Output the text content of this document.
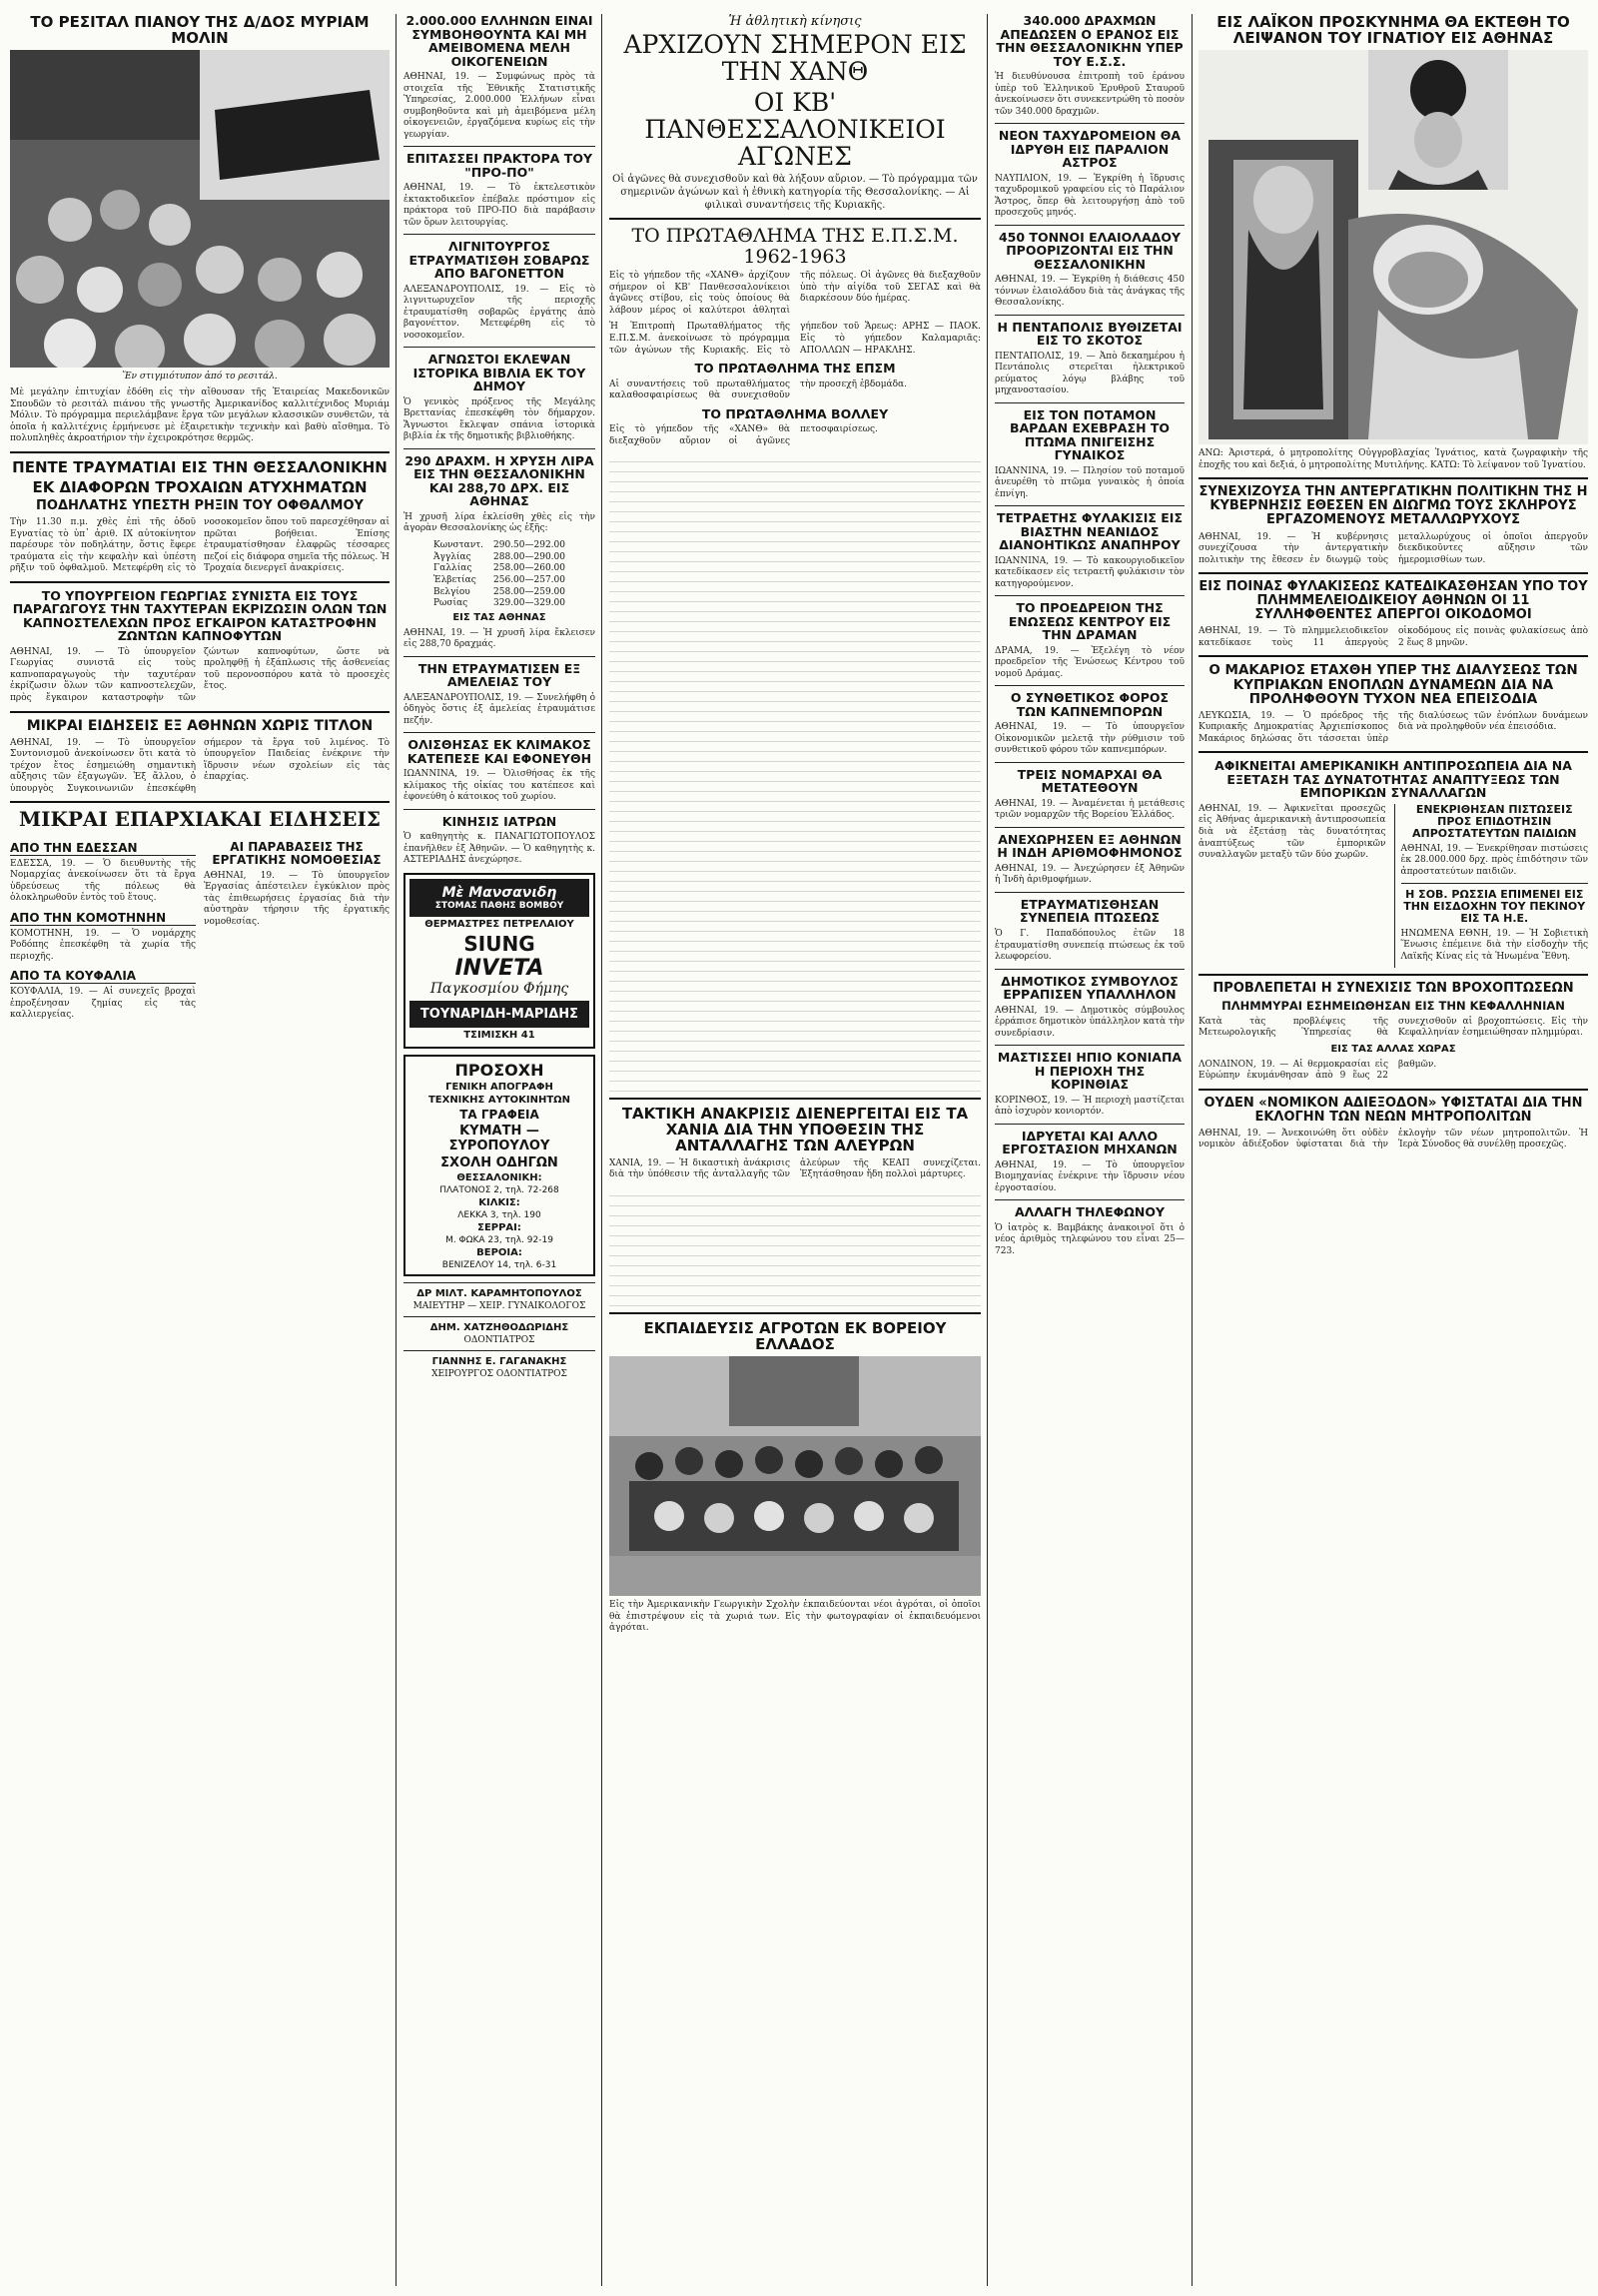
ΤΟ ΡΕΣΙΤΑΛ ΠΙΑΝΟΥ ΤΗΣ Δ/ΔΟΣ ΜΥΡΙΑΜ ΜΟΛΙΝ
Ἕν στιγμιότυπον ἀπό το ρεσιτάλ.

Μὲ μεγάλην ἐπιτυχίαν ἐδόθη εἰς τὴν αἴθουσαν τῆς Ἑταιρείας Μακεδονικῶν Σπουδῶν τὸ ρεσιτάλ πιάνου τῆς γνωστῆς Ἀμερικανίδος καλλιτέχνιδος Μυριάμ Μόλιν. Τὸ πρόγραμμα περιελάμβανε ἔργα τῶν μεγάλων κλασσικῶν συνθετῶν, τὰ ὁποῖα ἡ καλλιτέχνις ἑρμήνευσε μὲ ἐξαιρετικὴν τεχνικὴν καὶ βαθὺ αἴσθημα. Τὸ πολυπληθὲς ἀκροατήριον τὴν ἐχειροκρότησε θερμῶς.

ΠΕΝΤΕ ΤΡΑΥΜΑΤΙΑΙ ΕΙΣ ΤΗΝ ΘΕΣΣΑΛΟΝΙΚΗΝ
ΕΚ ΔΙΑΦΟΡΩΝ ΤΡΟΧΑΙΩΝ ΑΤΥΧΗΜΑΤΩΝ
ΠΟΔΗΛΑΤΗΣ ΥΠΕΣΤΗ ΡΗΞΙΝ ΤΟΥ ΟΦΘΑΛΜΟΥ

Τὴν 11.30 π.μ. χθὲς ἐπὶ τῆς ὁδοῦ Εγνατίας τὸ ὑπ᾽ ἀριθ. ΙΧ αὐτοκίνητον παρέσυρε τὸν ποδηλάτην, ὅστις ἔφερε τραύματα εἰς τὴν κεφαλὴν καὶ ὑπέστη ρῆξιν τοῦ ὀφθαλμοῦ. Μετεφέρθη εἰς τὸ νοσοκομεῖον ὅπου τοῦ παρεσχέθησαν αἱ πρῶται βοήθειαι. Ἐπίσης ἐτραυματίσθησαν ἐλαφρῶς τέσσαρες πεζοί εἰς διάφορα σημεῖα τῆς πόλεως. Ἡ Τροχαία διενεργεῖ ἀνακρίσεις.

ΤΟ ΥΠΟΥΡΓΕΙΟΝ ΓΕΩΡΓΙΑΣ ΣΥΝΙΣΤΑ ΕΙΣ ΤΟΥΣ ΠΑΡΑΓΩΓΟΥΣ ΤΗΝ ΤΑΧΥΤΕΡΑΝ ΕΚΡΙΖΩΣΙΝ ΟΛΩΝ ΤΩΝ ΚΑΠΝΟΣΤΕΛΕΧΩΝ ΠΡΟΣ ΕΓΚΑΙΡΟΝ ΚΑΤΑΣΤΡΟΦΗΝ ΖΩΝΤΩΝ ΚΑΠΝΟΦΥΤΩΝ

ΑΘΗΝΑΙ, 19. — Τὸ ὑπουργεῖον Γεωργίας συνιστᾶ εἰς τοὺς καπνοπαραγωγοὺς τὴν ταχυτέραν ἐκρίζωσιν ὅλων τῶν καπνοστελεχῶν, πρὸς ἔγκαιρον καταστροφὴν τῶν ζώντων καπνοφύτων, ὥστε νὰ προληφθῇ ἡ ἐξάπλωσις τῆς ἀσθενείας τοῦ περονοσπόρου κατὰ τὸ προσεχὲς ἔτος.

ΜΙΚΡΑΙ ΕΙΔΗΣΕΙΣ ΕΞ ΑΘΗΝΩΝ ΧΩΡΙΣ ΤΙΤΛΟΝ

ΑΘΗΝΑΙ, 19. — Τὸ ὑπουργεῖον Συντονισμοῦ ἀνεκοίνωσεν ὅτι κατὰ τὸ τρέχον ἔτος ἐσημειώθη σημαντικὴ αὔξησις τῶν ἐξαγωγῶν. Ἐξ ἄλλου, ὁ ὑπουργὸς Συγκοινωνιῶν ἐπεσκέφθη σήμερον τὰ ἔργα τοῦ λιμένος. Τὸ ὑπουργεῖον Παιδείας ἐνέκρινε τὴν ἵδρυσιν νέων σχολείων εἰς τὰς ἐπαρχίας.

ΜΙΚΡΑΙ ΕΠΑΡΧΙΑΚΑΙ ΕΙΔΗΣΕΙΣ
ΑΠΟ ΤΗΝ ΕΔΕΣΣΑΝ

ΕΔΕΣΣΑ, 19. — Ὁ διευθυντὴς τῆς Νομαρχίας ἀνεκοίνωσεν ὅτι τὰ ἔργα ὑδρεύσεως τῆς πόλεως θὰ ὁλοκληρωθοῦν ἐντὸς τοῦ ἔτους.

ΑΠΟ ΤΗΝ ΚΟΜΟΤΗΝΗΝ

ΚΟΜΟΤΗΝΗ, 19. — Ὁ νομάρχης Ροδόπης ἐπεσκέφθη τὰ χωρία τῆς περιοχῆς.

ΑΠΟ ΤΑ ΚΟΥΦΑΛΙΑ

ΚΟΥΦΑΛΙΑ, 19. — Αἱ συνεχεῖς βροχαὶ ἐπροξένησαν ζημίας εἰς τὰς καλλιεργείας.

ΑΙ ΠΑΡΑΒΑΣΕΙΣ ΤΗΣ ΕΡΓΑΤΙΚΗΣ ΝΟΜΟΘΕΣΙΑΣ

ΑΘΗΝΑΙ, 19. — Τὸ ὑπουργεῖον Ἐργασίας ἀπέστειλεν ἐγκύκλιον πρὸς τὰς ἐπιθεωρήσεις ἐργασίας διὰ τὴν αὐστηρὰν τήρησιν τῆς ἐργατικῆς νομοθεσίας.

2.000.000 ΕΛΛΗΝΩΝ ΕΙΝΑΙ ΣΥΜΒΟΗΘΟΥΝΤΑ ΚΑΙ ΜΗ ΑΜΕΙΒΟΜΕΝΑ ΜΕΛΗ ΟΙΚΟΓΕΝΕΙΩΝ

ΑΘΗΝΑΙ, 19. — Συμφώνως πρὸς τὰ στοιχεῖα τῆς Ἐθνικῆς Στατιστικῆς Ὑπηρεσίας, 2.000.000 Ἑλλήνων εἶναι συμβοηθοῦντα καὶ μὴ ἀμειβόμενα μέλη οἰκογενειῶν, ἐργαζόμενα κυρίως εἰς τὴν γεωργίαν.

ΕΠΙΤΑΣΣΕΙ ΠΡΑΚΤΟΡΑ ΤΟΥ "ΠΡΟ-ΠΟ"

ΑΘΗΝΑΙ, 19. — Τὸ ἐκτελεστικὸν ἐκτακτοδικεῖον ἐπέβαλε πρόστιμον εἰς πράκτορα τοῦ ΠΡΟ-ΠΟ διὰ παράβασιν τῶν ὅρων λειτουργίας.

ΛΙΓΝΙΤΟΥΡΓΟΣ ΕΤΡΑΥΜΑΤΙΣΘΗ ΣΟΒΑΡΩΣ ΑΠΟ ΒΑΓΟΝΕΤΤΟΝ

ΑΛΕΞΑΝΔΡΟΥΠΟΛΙΣ, 19. — Εἰς τὸ λιγνιτωρυχεῖον τῆς περιοχῆς ἐτραυματίσθη σοβαρῶς ἐργάτης ἀπὸ βαγονέττον. Μετεφέρθη εἰς τὸ νοσοκομεῖον.

ΑΓΝΩΣΤΟΙ ΕΚΛΕΨΑΝ ΙΣΤΟΡΙΚΑ ΒΙΒΛΙΑ ΕΚ ΤΟΥ ΔΗΜΟΥ

Ὁ γενικὸς πρόξενος τῆς Μεγάλης Βρεττανίας ἐπεσκέφθη τὸν δήμαρχον. Ἄγνωστοι ἔκλεψαν σπάνια ἱστορικὰ βιβλία ἐκ τῆς δημοτικῆς βιβλιοθήκης.

290 ΔΡΑΧΜ. Η ΧΡΥΣΗ ΛΙΡΑ ΕΙΣ ΤΗΝ ΘΕΣΣΑΛΟΝΙΚΗΝ ΚΑΙ 288,70 ΔΡΧ. ΕΙΣ ΑΘΗΝΑΣ

Ἡ χρυσῆ λίρα ἐκλείσθη χθὲς εἰς τὴν ἀγορὰν Θεσσαλονίκης ὡς ἑξῆς:

Κωνσταντ. 290.50—292.00
Ἀγγλίας 288.00—290.00
Γαλλίας 258.00—260.00
Ἑλβετίας 256.00—257.00
Βελγίου	258.00—259.00
Ρωσίας	329.00—329.00
ΕΙΣ ΤΑΣ ΑΘΗΝΑΣ

ΑΘΗΝΑΙ, 19. — Ἡ χρυσῆ λίρα ἔκλεισεν εἰς 288,70 δραχμάς.

ΤΗΝ ΕΤΡΑΥΜΑΤΙΣΕΝ ΕΞ ΑΜΕΛΕΙΑΣ ΤΟΥ

ΑΛΕΞΑΝΔΡΟΥΠΟΛΙΣ, 19. — Συνελήφθη ὁ ὁδηγὸς ὅστις ἐξ ἀμελείας ἐτραυμάτισε πεζήν.

ΟΛΙΣΘΗΣΑΣ ΕΚ ΚΛΙΜΑΚΟΣ ΚΑΤΕΠΕΣΕ ΚΑΙ ΕΦΟΝΕΥΘΗ

ΙΩΑΝΝΙΝΑ, 19. — Ὀλισθήσας ἐκ τῆς κλίμακος τῆς οἰκίας του κατέπεσε καὶ ἐφονεύθη ὁ κάτοικος τοῦ χωρίου.

ΚΙΝΗΣΙΣ ΙΑΤΡΩΝ

Ὁ καθηγητὴς κ. ΠΑΝΑΓΙΩΤΟΠΟΥΛΟΣ ἐπανῆλθεν ἐξ Ἀθηνῶν. — Ὁ καθηγητὴς κ. ΑΣΤΕΡΙΑΔΗΣ ἀνεχώρησε.

Μὲ Μανσανιδη
ΣΤΟΜΑΣ ΠΑΘΗΣ ΒΟΜΒΟΥ
ΘΕΡΜΑΣΤΡΕΣ ΠΕΤΡΕΛΑΙΟΥ
SIUNG
INVETA
Παγκοσμίου Φήμης
ΤΟΥΝΑΡΙΔΗ-ΜΑΡΙΔΗΣ
ΤΣΙΜΙΣΚΗ 41
ΠΡΟΣΟΧΗ
ΓΕΝΙΚΗ ΑΠΟΓΡΑΦΗ
ΤΕΧΝΙΚΗΣ ΑΥΤΟΚΙΝΗΤΩΝ
ΤΑ ΓΡΑΦΕΙΑ
ΚΥΜΑΤΗ — ΣΥΡΟΠΟΥΛΟΥ
ΣΧΟΛΗ ΟΔΗΓΩΝ
ΘΕΣΣΑΛΟΝΙΚΗ:
ΠΛΑΤΟΝΟΣ 2, τηλ. 72-268
ΚΙΛΚΙΣ:
ΛΕΚΚΑ 3, τηλ. 190
ΣΕΡΡΑΙ:
Μ. ΦΩΚΑ 23, τηλ. 92-19
ΒΕΡΟΙΑ:
ΒΕΝΙΖΕΛΟΥ 14, τηλ. 6-31
ΔΡ ΜΙΛΤ. ΚΑΡΑΜΗΤΟΠΟΥΛΟΣ
ΜΑΙΕΥΤΗΡ — ΧΕΙΡ. ΓΥΝΑΙΚΟΛΟΓΟΣ
ΔΗΜ. ΧΑΤΖΗΘΟΔΩΡΙΔΗΣ
ΟΔΟΝΤΙΑΤΡΟΣ
ΓΙΑΝΝΗΣ Ε. ΓΑΓΑΝΑΚΗΣ
ΧΕΙΡΟΥΡΓΟΣ ΟΔΟΝΤΙΑΤΡΟΣ
Ἡ ἀθλητικὴ κίνησις
ΑΡΧΙΖΟΥΝ ΣΗΜΕΡΟΝ ΕΙΣ ΤΗΝ ΧΑΝΘ
ΟΙ ΚΒ' ΠΑΝΘΕΣΣΑΛΟΝΙΚΕΙΟΙ ΑΓΩΝΕΣ

Οἱ ἀγῶνες θὰ συνεχισθοῦν καὶ θὰ λήξουν αὔριον. — Τὸ πρόγραμμα τῶν σημερινῶν ἀγώνων καὶ ἡ ἐθνικὴ κατηγορία τῆς Θεσσαλονίκης. — Αἱ φιλικαὶ συναντήσεις τῆς Κυριακῆς.

ΤΟ ΠΡΩΤΑΘΛΗΜΑ ΤΗΣ Ε.Π.Σ.Μ. 1962-1963

Εἰς τὸ γήπεδον τῆς «ΧΑΝΘ» ἀρχίζουν σήμερον οἱ ΚΒ' Πανθεσσαλονίκειοι ἀγῶνες στίβου, εἰς τοὺς ὁποίους θὰ λάβουν μέρος οἱ καλύτεροι ἀθληταὶ τῆς πόλεως. Οἱ ἀγῶνες θὰ διεξαχθοῦν ὑπὸ τὴν αἰγίδα τοῦ ΣΕΓΑΣ καὶ θὰ διαρκέσουν δύο ἡμέρας.

Ἡ Ἐπιτροπὴ Πρωταθλήματος τῆς Ε.Π.Σ.Μ. ἀνεκοίνωσε τὸ πρόγραμμα τῶν ἀγώνων τῆς Κυριακῆς. Εἰς τὸ γήπεδον τοῦ Ἄρεως: ΑΡΗΣ — ΠΑΟΚ. Εἰς τὸ γήπεδον Καλαμαριᾶς: ΑΠΟΛΛΩΝ — ΗΡΑΚΛΗΣ.

ΤΟ ΠΡΩΤΑΘΛΗΜΑ ΤΗΣ ΕΠΣΜ

Αἱ συναντήσεις τοῦ πρωταθλήματος καλαθοσφαιρίσεως θὰ συνεχισθοῦν τὴν προσεχῆ ἑβδομάδα.

ΤΟ ΠΡΩΤΑΘΛΗΜΑ ΒΟΛΛΕΥ

Εἰς τὸ γήπεδον τῆς «ΧΑΝΘ» θὰ διεξαχθοῦν αὔριον οἱ ἀγῶνες πετοσφαιρίσεως.

ΤΑΚΤΙΚΗ ΑΝΑΚΡΙΣΙΣ ΔΙΕΝΕΡΓΕΙΤΑΙ ΕΙΣ ΤΑ ΧΑΝΙΑ ΔΙΑ ΤΗΝ ΥΠΟΘΕΣΙΝ ΤΗΣ ΑΝΤΑΛΛΑΓΗΣ ΤΩΝ ΑΛΕΥΡΩΝ

ΧΑΝΙΑ, 19. — Ἡ δικαστικὴ ἀνάκρισις διὰ τὴν ὑπόθεσιν τῆς ἀνταλλαγῆς τῶν ἀλεύρων τῆς ΚΕΑΠ συνεχίζεται. Ἐξητάσθησαν ἤδη πολλοὶ μάρτυρες.

ΕΚΠΑΙΔΕΥΣΙΣ ΑΓΡΟΤΩΝ ΕΚ ΒΟΡΕΙΟΥ ΕΛΛΑΔΟΣ

Εἰς τὴν Ἀμερικανικὴν Γεωργικὴν Σχολὴν ἐκπαιδεύονται νέοι ἀγρόται, οἱ ὁποῖοι θὰ ἐπιστρέψουν εἰς τὰ χωριά των. Εἰς τὴν φωτογραφίαν οἱ ἐκπαιδευόμενοι ἀγρόται.

340.000 ΔΡΑΧΜΩΝ ΑΠΕΔΩΣΕΝ Ο ΕΡΑΝΟΣ ΕΙΣ ΤΗΝ ΘΕΣΣΑΛΟΝΙΚΗΝ ΥΠΕΡ ΤΟΥ Ε.Σ.Σ.

Ἡ διευθύνουσα ἐπιτροπὴ τοῦ ἐράνου ὑπὲρ τοῦ Ἐλληνικοῦ Ἐρυθροῦ Σταυροῦ ἀνεκοίνωσεν ὅτι συνεκεντρώθη τὸ ποσὸν τῶν 340.000 δραχμῶν.

ΝΕΟΝ ΤΑΧΥΔΡΟΜΕΙΟΝ ΘΑ ΙΔΡΥΘΗ ΕΙΣ ΠΑΡΑΛΙΟΝ ΑΣΤΡΟΣ

ΝΑΥΠΛΙΟΝ, 19. — Ἐγκρίθη ἡ ἵδρυσις ταχυδρομικοῦ γραφείου εἰς τὸ Παράλιον Ἄστρος, ὅπερ θὰ λειτουργήσῃ ἀπὸ τοῦ προσεχοῦς μηνός.

450 ΤΟΝΝΟΙ ΕΛΑΙΟΛΑΔΟΥ ΠΡΟΟΡΙΖΟΝΤΑΙ ΕΙΣ ΤΗΝ ΘΕΣΣΑΛΟΝΙΚΗΝ

ΑΘΗΝΑΙ, 19. — Ἐγκρίθη ἡ διάθεσις 450 τόννων ἐλαιολάδου διὰ τὰς ἀνάγκας τῆς Θεσσαλονίκης.

Η ΠΕΝΤΑΠΟΛΙΣ ΒΥΘΙΖΕΤΑΙ ΕΙΣ ΤΟ ΣΚΟΤΟΣ

ΠΕΝΤΑΠΟΛΙΣ, 19. — Ἀπὸ δεκαημέρου ἡ Πεντάπολις στερεῖται ἠλεκτρικοῦ ρεύματος λόγῳ βλάβης τοῦ μηχανοστασίου.

ΕΙΣ ΤΟΝ ΠΟΤΑΜΟΝ ΒΑΡΔΑΝ ΕΧΕΒΡΑΣΗ ΤΟ ΠΤΩΜΑ ΠΝΙΓΕΙΣΗΣ ΓΥΝΑΙΚΟΣ

ΙΩΑΝΝΙΝΑ, 19. — Πλησίον τοῦ ποταμοῦ ἀνευρέθη τὸ πτῶμα γυναικὸς ἡ ὁποία ἐπνίγη.

ΤΕΤΡΑΕΤΗΣ ΦΥΛΑΚΙΣΙΣ ΕΙΣ ΒΙΑΣΤΗΝ ΝΕΑΝΙΔΟΣ ΔΙΑΝΟΗΤΙΚΩΣ ΑΝΑΠΗΡΟΥ

ΙΩΑΝΝΙΝΑ, 19. — Τὸ κακουργιοδικεῖον κατεδίκασεν εἰς τετραετῆ φυλάκισιν τὸν κατηγορούμενον.

ΤΟ ΠΡΟΕΔΡΕΙΟΝ ΤΗΣ ΕΝΩΣΕΩΣ ΚΕΝΤΡΟΥ ΕΙΣ ΤΗΝ ΔΡΑΜΑΝ

ΔΡΑΜΑ, 19. — Ἐξελέγη τὸ νέον προεδρεῖον τῆς Ἑνώσεως Κέντρου τοῦ νομοῦ Δράμας.

Ο ΣΥΝΘΕΤΙΚΟΣ ΦΟΡΟΣ ΤΩΝ ΚΑΠΝΕΜΠΟΡΩΝ

ΑΘΗΝΑΙ, 19. — Τὸ ὑπουργεῖον Οἰκονομικῶν μελετᾷ τὴν ρύθμισιν τοῦ συνθετικοῦ φόρου τῶν καπνεμπόρων.

ΤΡΕΙΣ ΝΟΜΑΡΧΑΙ ΘΑ ΜΕΤΑΤΕΘΟΥΝ

ΑΘΗΝΑΙ, 19. — Ἀναμένεται ἡ μετάθεσις τριῶν νομαρχῶν τῆς Βορείου Ἑλλάδος.

ΑΝΕΧΩΡΗΣΕΝ ΕΞ ΑΘΗΝΩΝ Η ΙΝΔΗ ΑΡΙΘΜΟΦΗΜΟΝΟΣ

ΑΘΗΝΑΙ, 19. — Ἀνεχώρησεν ἐξ Ἀθηνῶν ἡ Ἰνδὴ ἀριθμοφήμων.

ΕΤΡΑΥΜΑΤΙΣΘΗΣΑΝ ΣΥΝΕΠΕΙΑ ΠΤΩΣΕΩΣ

Ὁ Γ. Παπαδόπουλος ἐτῶν 18 ἐτραυματίσθη συνεπείᾳ πτώσεως ἐκ τοῦ λεωφορείου.

ΔΗΜΟΤΙΚΟΣ ΣΥΜΒΟΥΛΟΣ ΕΡΡΑΠΙΣΕΝ ΥΠΑΛΛΗΛΟΝ

ΑΘΗΝΑΙ, 19. — Δημοτικὸς σύμβουλος ἐρράπισε δημοτικὸν ὑπάλληλον κατὰ τὴν συνεδρίασιν.

ΜΑΣΤΙΣΣΕΙ ΗΠΙΟ ΚΟΝΙΑΠΑ Η ΠΕΡΙΟΧΗ ΤΗΣ ΚΟΡΙΝΘΙΑΣ

ΚΟΡΙΝΘΟΣ, 19. — Ἡ περιοχὴ μαστίζεται ἀπὸ ἰσχυρὸν κονιορτόν.

ΙΔΡΥΕΤΑΙ ΚΑΙ ΑΛΛΟ ΕΡΓΟΣΤΑΣΙΟΝ ΜΗΧΑΝΩΝ

ΑΘΗΝΑΙ, 19. — Τὸ ὑπουργεῖον Βιομηχανίας ἐνέκρινε τὴν ἵδρυσιν νέου ἐργοστασίου.

ΑΛΛΑΓΗ ΤΗΛΕΦΩΝΟΥ

Ὁ ἰατρὸς κ. Βαμβάκης ἀνακοινοῖ ὅτι ὁ νέος ἀριθμὸς τηλεφώνου του εἶναι 25—723.

ΕΙΣ ΛΑΪΚΟΝ ΠΡΟΣΚΥΝΗΜΑ ΘΑ ΕΚΤΕΘΗ ΤΟ ΛΕΙΨΑΝΟΝ ΤΟΥ ΙΓΝΑΤΙΟΥ ΕΙΣ ΑΘΗΝΑΣ

ΑΝΩ: Ἀριστερά, ὁ μητροπολίτης Οὐγγροβλαχίας Ἰγνάτιος, κατὰ ζωγραφικὴν τῆς ἐποχῆς του καὶ δεξιά, ὁ μητροπολίτης Μυτιλήνης. ΚΑΤΩ: Τὸ λείψανον τοῦ Ἰγνατίου.

ΣΥΝΕΧΙΖΟΥΣΑ ΤΗΝ ΑΝΤΕΡΓΑΤΙΚΗΝ ΠΟΛΙΤΙΚΗΝ ΤΗΣ Η ΚΥΒΕΡΝΗΣΙΣ ΕΘΕΣΕΝ ΕΝ ΔΙΩΓΜΩ ΤΟΥΣ ΣΚΛΗΡΟΥΣ ΕΡΓΑΖΟΜΕΝΟΥΣ ΜΕΤΑΛΛΩΡΥΧΟΥΣ

ΑΘΗΝΑΙ, 19. — Ἡ κυβέρνησις συνεχίζουσα τὴν ἀντεργατικὴν πολιτικὴν της ἔθεσεν ἐν διωγμῷ τοὺς μεταλλωρύχους οἱ ὁποῖοι ἀπεργοῦν διεκδικοῦντες αὔξησιν τῶν ἡμερομισθίων των.

ΕΙΣ ΠΟΙΝΑΣ ΦΥΛΑΚΙΣΕΩΣ ΚΑΤΕΔΙΚΑΣΘΗΣΑΝ ΥΠΟ ΤΟΥ ΠΛΗΜΜΕΛΕΙΟΔΙΚΕΙΟΥ ΑΘΗΝΩΝ ΟΙ 11 ΣΥΛΛΗΦΘΕΝΤΕΣ ΑΠΕΡΓΟΙ ΟΙΚΟΔΟΜΟΙ

ΑΘΗΝΑΙ, 19. — Τὸ πλημμελειοδικεῖον κατεδίκασε τοὺς 11 ἀπεργοὺς οἰκοδόμους εἰς ποινὰς φυλακίσεως ἀπὸ 2 ἕως 8 μηνῶν.

Ο ΜΑΚΑΡΙΟΣ ΕΤΑΧΘΗ ΥΠΕΡ ΤΗΣ ΔΙΑΛΥΣΕΩΣ ΤΩΝ ΚΥΠΡΙΑΚΩΝ ΕΝΟΠΛΩΝ ΔΥΝΑΜΕΩΝ ΔΙΑ ΝΑ ΠΡΟΛΗΦΘΟΥΝ ΤΥΧΟΝ ΝΕΑ ΕΠΕΙΣΟΔΙΑ

ΛΕΥΚΩΣΙΑ, 19. — Ὁ πρόεδρος τῆς Κυπριακῆς Δημοκρατίας Ἀρχιεπίσκοπος Μακάριος δηλώσας ὅτι τάσσεται ὑπὲρ τῆς διαλύσεως τῶν ἐνόπλων δυνάμεων διὰ νὰ προληφθοῦν νέα ἐπεισόδια.

ΑΦΙΚΝΕΙΤΑΙ ΑΜΕΡΙΚΑΝΙΚΗ ΑΝΤΙΠΡΟΣΩΠΕΙΑ ΔΙΑ ΝΑ ΕΞΕΤΑΣΗ ΤΑΣ ΔΥΝΑΤΟΤΗΤΑΣ ΑΝΑΠΤΥΞΕΩΣ ΤΩΝ ΕΜΠΟΡΙΚΩΝ ΣΥΝΑΛΛΑΓΩΝ

ΑΘΗΝΑΙ, 19. — Ἀφικνεῖται προσεχῶς εἰς Ἀθήνας ἀμερικανικὴ ἀντιπροσωπεία διὰ νὰ ἐξετάσῃ τὰς δυνατότητας ἀναπτύξεως τῶν ἐμπορικῶν συναλλαγῶν μεταξὺ τῶν δύο χωρῶν.

ΕΝΕΚΡΙΘΗΣΑΝ ΠΙΣΤΩΣΕΙΣ ΠΡΟΣ ΕΠΙΔΟΤΗΣΙΝ ΑΠΡΟΣΤΑΤΕΥΤΩΝ ΠΑΙΔΙΩΝ

ΑΘΗΝΑΙ, 19. — Ἐνεκρίθησαν πιστώσεις ἐκ 28.000.000 δρχ. πρὸς ἐπιδότησιν τῶν ἀπροστατεύτων παιδιῶν.

Η ΣΟΒ. ΡΩΣΣΙΑ ΕΠΙΜΕΝΕΙ ΕΙΣ ΤΗΝ ΕΙΣΔΟΧΗΝ ΤΟΥ ΠΕΚΙΝΟΥ ΕΙΣ ΤΑ Η.Ε.

ΗΝΩΜΕΝΑ ΕΘΝΗ, 19. — Ἡ Σοβιετικὴ Ἕνωσις ἐπέμεινε διὰ τὴν εἰσδοχὴν τῆς Λαϊκῆς Κίνας εἰς τὰ Ἡνωμένα Ἔθνη.

ΠΡΟΒΛΕΠΕΤΑΙ Η ΣΥΝΕΧΙΣΙΣ ΤΩΝ ΒΡΟΧΟΠΤΩΣΕΩΝ
ΠΛΗΜΜΥΡΑΙ ΕΣΗΜΕΙΩΘΗΣΑΝ ΕΙΣ ΤΗΝ ΚΕΦΑΛΛΗΝΙΑΝ

Κατὰ τὰς προβλέψεις τῆς Μετεωρολογικῆς Ὑπηρεσίας θὰ συνεχισθοῦν αἱ βροχοπτώσεις. Εἰς τὴν Κεφαλληνίαν ἐσημειώθησαν πλημμύραι.

ΕΙΣ ΤΑΣ ΑΛΛΑΣ ΧΩΡΑΣ

ΛΟΝΔΙΝΟΝ, 19. — Αἱ θερμοκρασίαι εἰς Εὐρώπην ἐκυμάνθησαν ἀπὸ 9 ἕως 22 βαθμῶν.

ΟΥΔΕΝ «ΝΟΜΙΚΟΝ ΑΔΙΕΞΟΔΟΝ» ΥΦΙΣΤΑΤΑΙ ΔΙΑ ΤΗΝ ΕΚΛΟΓΗΝ ΤΩΝ ΝΕΩΝ ΜΗΤΡΟΠΟΛΙΤΩΝ

ΑΘΗΝΑΙ, 19. — Ἀνεκοινώθη ὅτι οὐδὲν νομικὸν ἀδιέξοδον ὑφίσταται διὰ τὴν ἐκλογὴν τῶν νέων μητροπολιτῶν. Ἡ Ἱερὰ Σύνοδος θὰ συνέλθῃ προσεχῶς.
